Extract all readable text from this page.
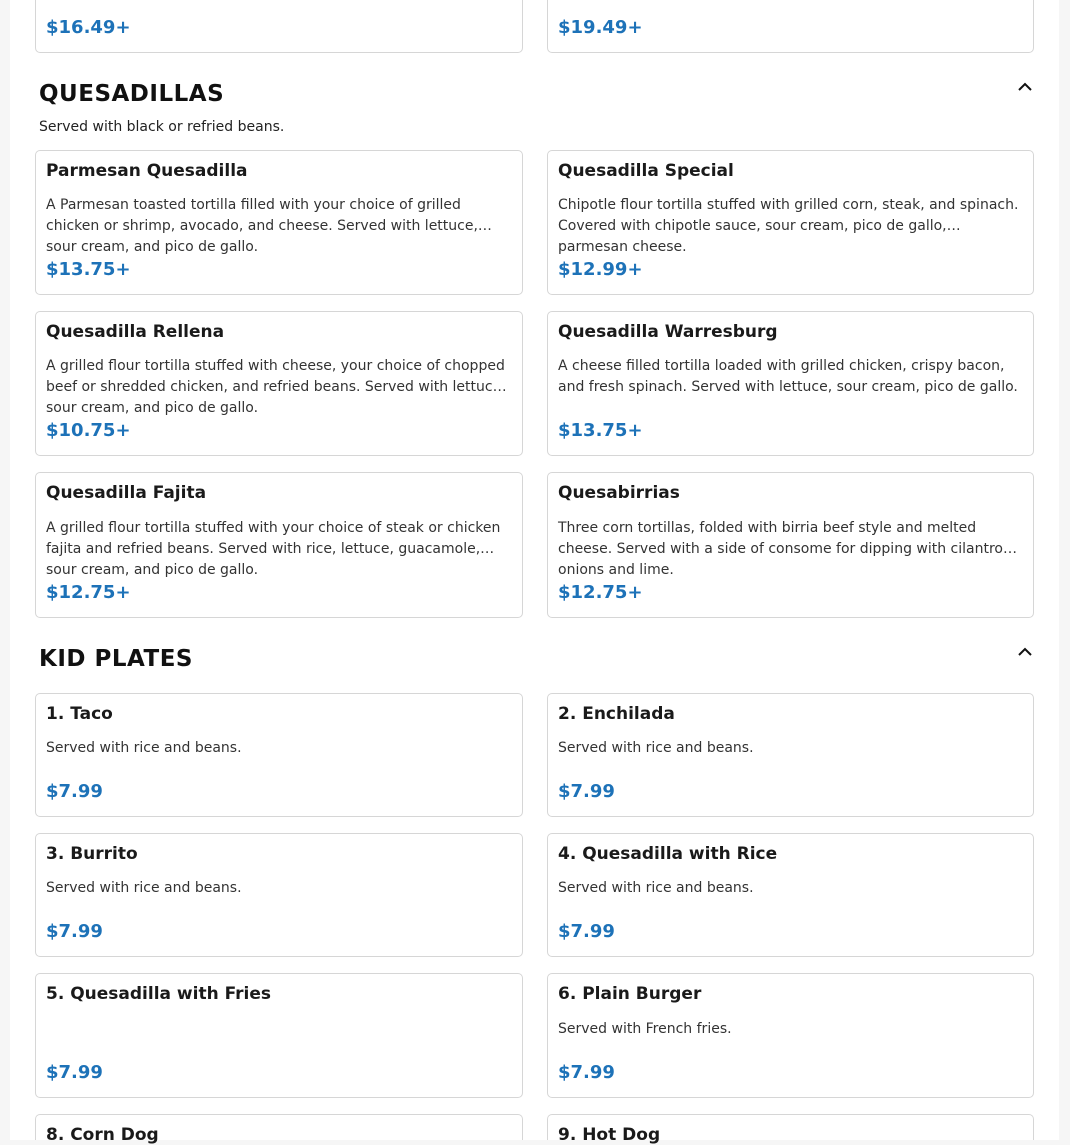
$16.49+	$19.49+
QUESADILLAS
Served with black or refried beans.
Parmesan Quesadilla
A Parmesan toasted tortilla filled with your choice of grilled chicken or shrimp, avocado, and cheese. Served with lettuce, sour cream, and pico de gallo.
$13.75+
Quesadilla Special
Chipotle flour tortilla stuffed with grilled corn, steak, and spinach. Covered with chipotle sauce, sour cream, pico de gallo, parmesan cheese.
$12.99+
Quesadilla Rellena
A grilled flour tortilla stuffed with cheese, your choice of chopped beef or shredded chicken, and refried beans. Served with lettuce, sour cream, and pico de gallo.
$10.75+
Quesadilla Warresburg
A cheese filled tortilla loaded with grilled chicken, crispy bacon, and fresh spinach. Served with lettuce, sour cream, pico de gallo.
$13.75+
Quesadilla Fajita
A grilled flour tortilla stuffed with your choice of steak or chicken fajita and refried beans. Served with rice, lettuce, guacamole, sour cream, and pico de gallo.
$12.75+
Quesabirrias
Three corn tortillas, folded with birria beef style and melted cheese. Served with a side of consome for dipping with cilantro, onions and lime.
$12.75+
KID PLATES
1. Taco
Served with rice and beans.
$7.99
2. Enchilada
Served with rice and beans.
$7.99
3. Burrito
Served with rice and beans.
$7.99
4. Quesadilla with Rice
Served with rice and beans.
$7.99
5. Quesadilla with Fries
$7.99
6. Plain Burger
Served with French fries.
$7.99
8. Corn Dog	9. Hot Dog
